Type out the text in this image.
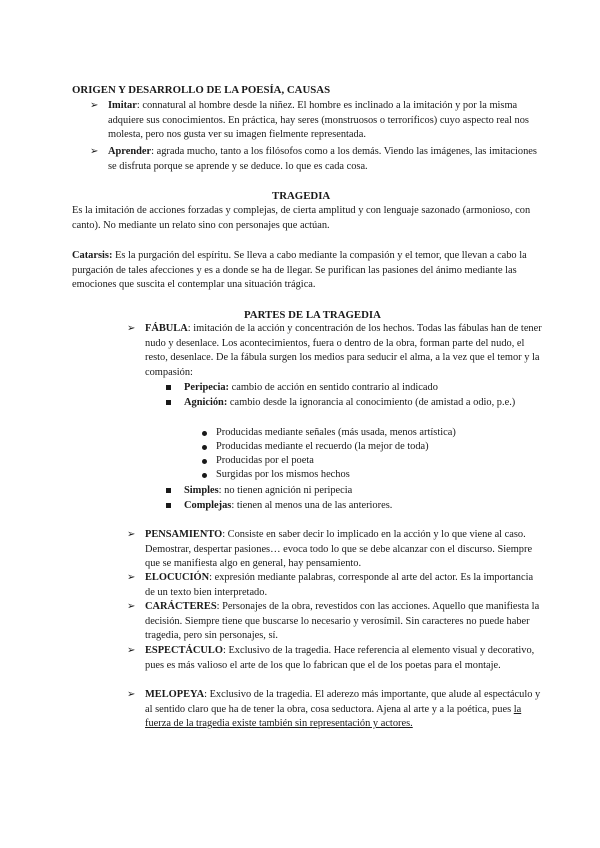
ORIGEN Y DESARROLLO DE LA POESÍA, CAUSAS
➢ Imitar: connatural al hombre desde la niñez. El hombre es inclinado a la imitación y por la misma adquiere sus conocimientos. En práctica, hay seres (monstruosos o terroríficos) cuyo aspecto real nos molesta, pero nos gusta ver su imagen fielmente representada.
➢ Aprender: agrada mucho, tanto a los filósofos como a los demás. Viendo las imágenes, las imitaciones se disfruta porque se aprende y se deduce. lo que es cada cosa.
TRAGEDIA

Es la imitación de acciones forzadas y complejas, de cierta amplitud y con lenguaje sazonado (armonioso, con canto). No mediante un relato sino con personajes que actúan.

Catarsis: Es la purgación del espíritu. Se lleva a cabo mediante la compasión y el temor, que llevan a cabo la purgación de tales afecciones y es a donde se ha de llegar. Se purifican las pasiones del ánimo mediante las emociones que suscita el contemplar una situación trágica.

PARTES DE LA TRAGEDIA
➢ FÁBULA: imitación de la acción y concentración de los hechos. Todas las fábulas han de tener nudo y desenlace. Los acontecimientos, fuera o dentro de la obra, forman parte del nudo, el resto, desenlace. De la fábula surgen los medios para seducir el alma, a la vez que el temor y la compasión:
Peripecia: cambio de acción en sentido contrario al indicado
Agnición: cambio desde la ignorancia al conocimiento (de amistad a odio, p.e.)
Producidas mediante señales (más usada, menos artística)
Producidas mediante el recuerdo (la mejor de toda)
Producidas por el poeta
Surgidas por los mismos hechos
Simples: no tienen agnición ni peripecia
Complejas: tienen al menos una de las anteriores.
➢ PENSAMIENTO: Consiste en saber decir lo implicado en la acción y lo que viene al caso. Demostrar, despertar pasiones… evoca todo lo que se debe alcanzar con el discurso. Siempre que se manifiesta algo en general, hay pensamiento.
➢ ELOCUCIÓN: expresión mediante palabras, corresponde al arte del actor. Es la importancia de un texto bien interpretado.
➢ CARÁCTERES: Personajes de la obra, revestidos con las acciones. Aquello que manifiesta la decisión. Siempre tiene que buscarse lo necesario y verosímil. Sin caracteres no puede haber tragedia, pero sin personajes, sí.
➢ ESPECTÁCULO: Exclusivo de la tragedia. Hace referencia al elemento visual y decorativo, pues es más valioso el arte de los que lo fabrican que el de los poetas para el montaje.
➢ MELOPEYA: Exclusivo de la tragedia. El aderezo más importante, que alude al espectáculo y al sentido claro que ha de tener la obra, cosa seductora. Ajena al arte y a la poética, pues la fuerza de la tragedia existe también sin representación y actores.
